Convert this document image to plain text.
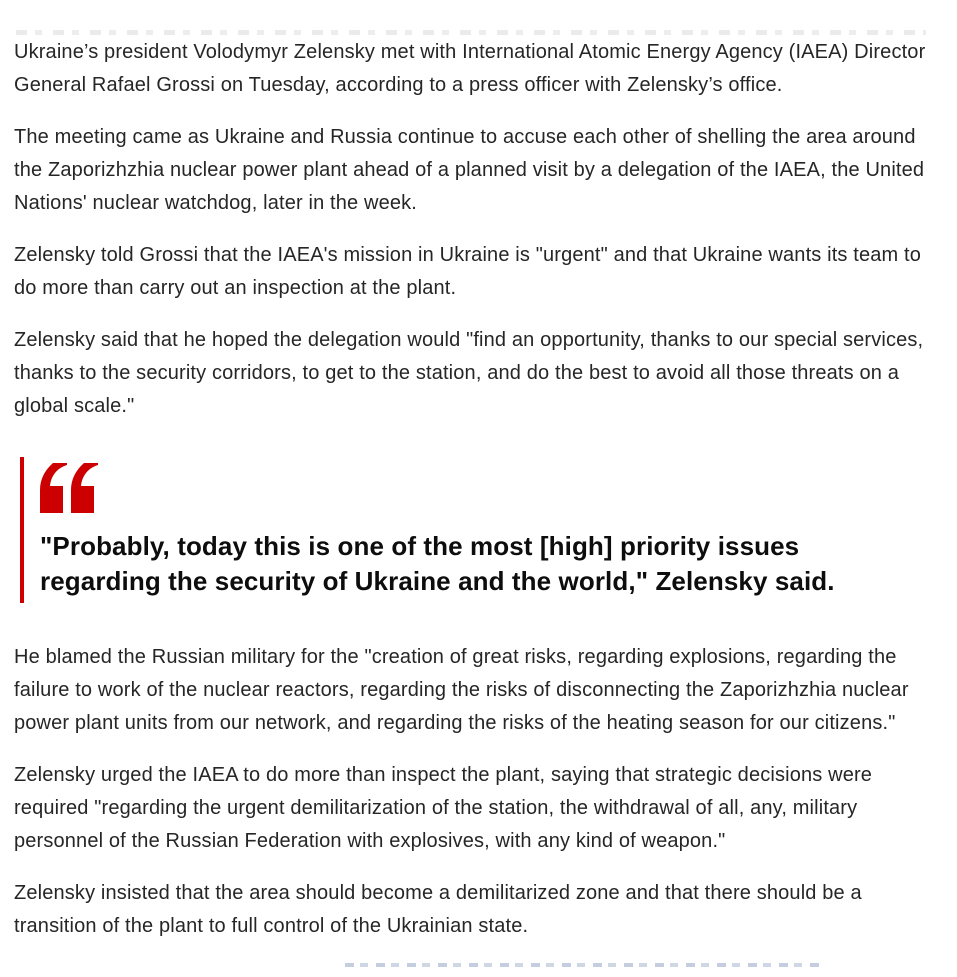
Ukraine’s president Volodymyr Zelensky met with International Atomic Energy Agency (IAEA) Director General Rafael Grossi on Tuesday, according to a press officer with Zelensky’s office.

The meeting came as Ukraine and Russia continue to accuse each other of shelling the area around the Zaporizhzhia nuclear power plant ahead of a planned visit by a delegation of the IAEA, the United Nations' nuclear watchdog, later in the week.

Zelensky told Grossi that the IAEA's mission in Ukraine is "urgent" and that Ukraine wants its team to do more than carry out an inspection at the plant.

Zelensky said that he hoped the delegation would "find an opportunity, thanks to our special services, thanks to the security corridors, to get to the station, and do the best to avoid all those threats on a global scale."

"Probably, today this is one of the most [high] priority issues regarding the security of Ukraine and the world," Zelensky said.

He blamed the Russian military for the "creation of great risks, regarding explosions, regarding the failure to work of the nuclear reactors, regarding the risks of disconnecting the Zaporizhzhia nuclear power plant units from our network, and regarding the risks of the heating season for our citizens."

Zelensky urged the IAEA to do more than inspect the plant, saying that strategic decisions were required "regarding the urgent demilitarization of the station, the withdrawal of all, any, military personnel of the Russian Federation with explosives, with any kind of weapon."

Zelensky insisted that the area should become a demilitarized zone and that there should be a transition of the plant to full control of the Ukrainian state.
